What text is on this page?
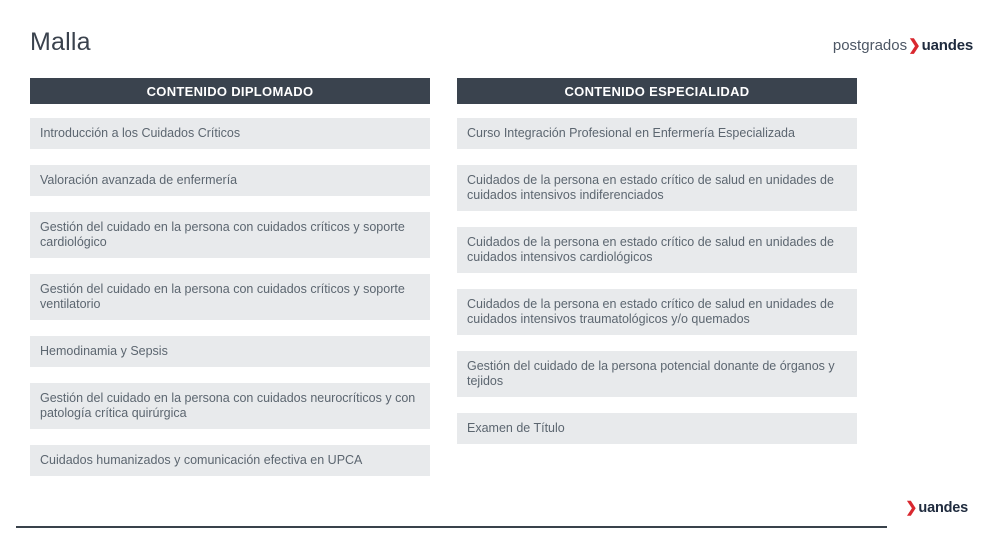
Malla	postgrados❯uandes
CONTENIDO DIPLOMADO
Introducción a los Cuidados Críticos
Valoración avanzada de enfermería
Gestión del cuidado en la persona con cuidados críticos y soporte cardiológico
Gestión del cuidado en la persona con cuidados críticos y soporte ventilatorio
Hemodinamia y Sepsis
Gestión del cuidado en la persona con cuidados neurocríticos y con patología crítica quirúrgica
Cuidados humanizados y comunicación efectiva en UPCA
CONTENIDO ESPECIALIDAD
Curso Integración Profesional en Enfermería Especializada
Cuidados de la persona en estado crítico de salud en unidades de cuidados intensivos indiferenciados
Cuidados de la persona en estado crítico de salud en unidades de cuidados intensivos cardiológicos
Cuidados de la persona en estado crítico de salud en unidades de cuidados intensivos traumatológicos y/o quemados
Gestión del cuidado de la persona potencial donante de órganos y tejidos
Examen de Título
❯uandes
